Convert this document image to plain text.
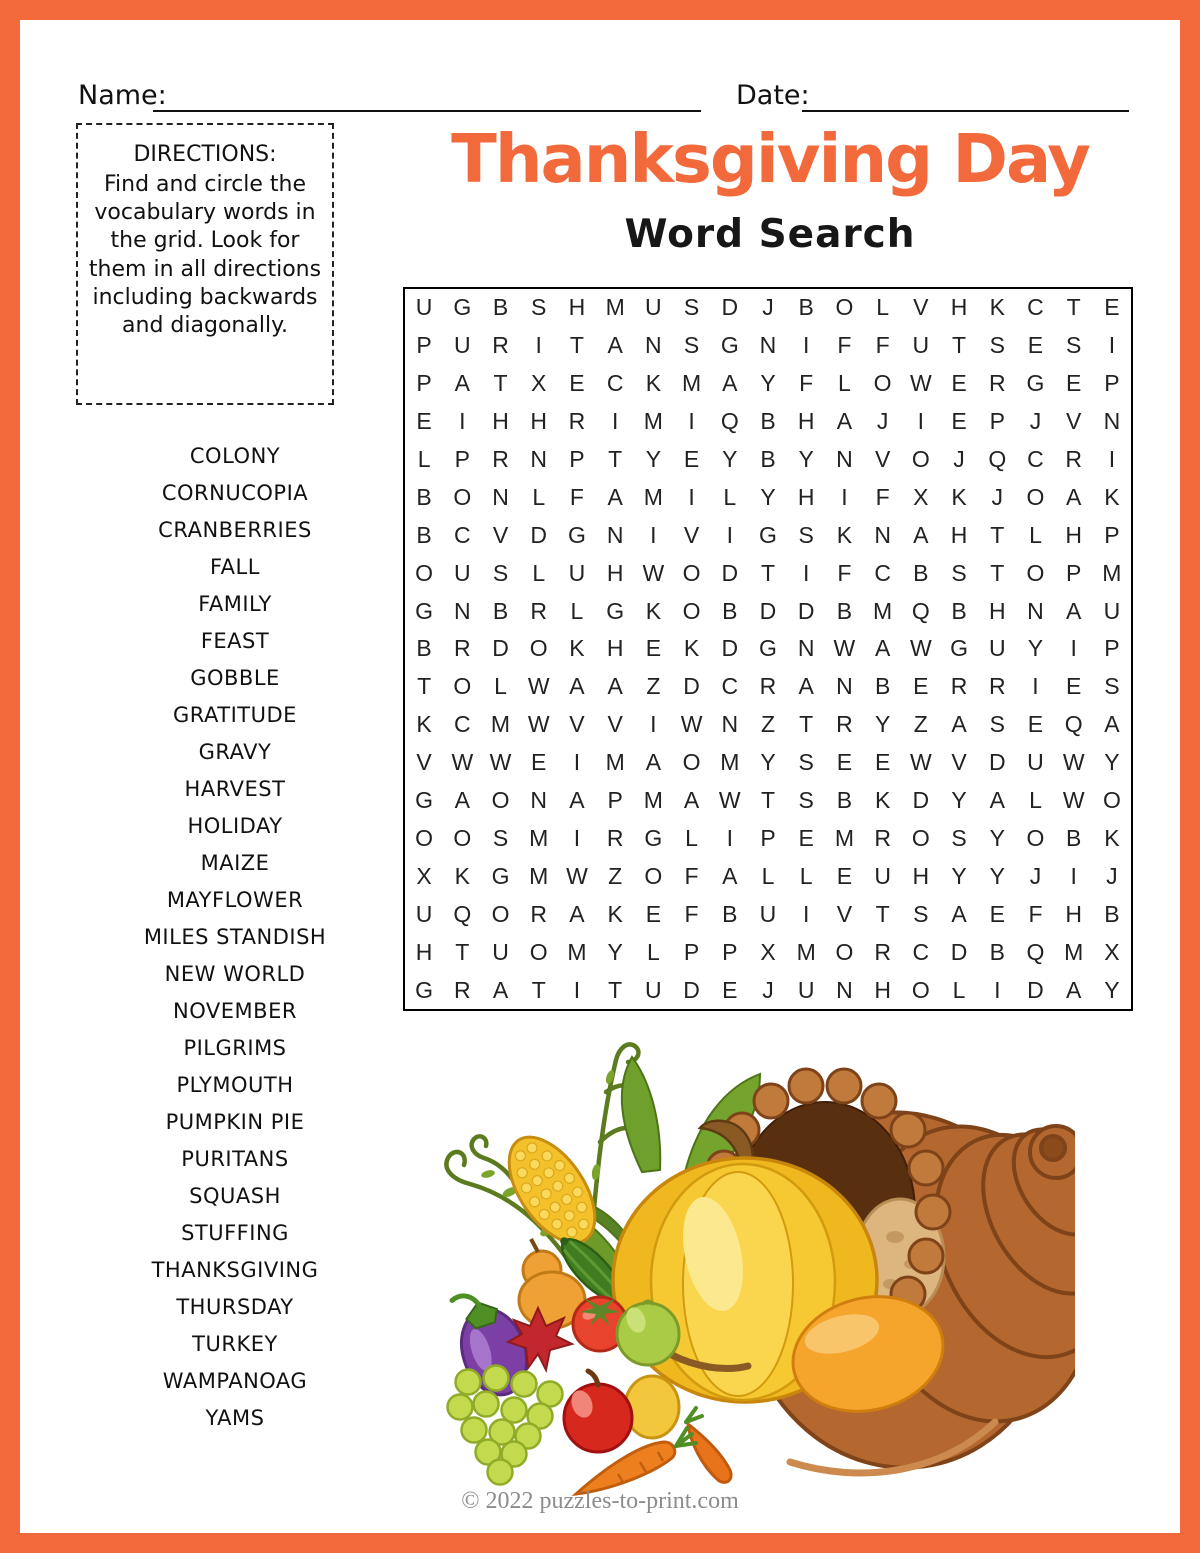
Name:	Date:
Thanksgiving Day
Word Search
DIRECTIONS:
Find and circle the vocabulary words in the grid. Look for them in all directions including backwards and diagonally.
COLONY
CORNUCOPIA
CRANBERRIES
FALL
FAMILY
FEAST
GOBBLE
GRATITUDE
GRAVY
HARVEST
HOLIDAY
MAIZE
MAYFLOWER
MILES STANDISH
NEW WORLD
NOVEMBER
PILGRIMS
PLYMOUTH
PUMPKIN PIE
PURITANS
SQUASH
STUFFING
THANKSGIVING
THURSDAY
TURKEY
WAMPANOAG
YAMS
U G B S H M U S D	J	B O L	V H K C T	E
P U R	I	T	A N S G N	I	F	F U T	S E S	I
P A	T	X E C K M A Y	F	L O W E R G E P
E	I	H H R	I	M	I	Q B H A	J	I	E P	J	V N
L	P R N P	T	Y E Y B Y N V O	J	Q C R	I
B O N	L	F	A M	I	L	Y H	I	F	X K	J	O A K
B C V D G N	I	V	I	G S K N A H T	L	H P
O U S	L	U H W O D T	I	F C B S	T O P M
G N B R	L G K O B D D B M Q B H N A U
B R D O K H E K D G N W A W G U Y	I	P
T O L W A A	Z D C R A N B E R R	I	E S
K C M W V V	I	W N Z	T R Y	Z	A S E Q A
V W W E	I	M A O M Y S E E W V D U W Y
G A O N A P M A W T	S B K D Y A	L W O
O O S M	I	R G L	I	P E M R O S Y O B K
X K G M W Z O F	A	L	L	E U H Y Y	J	I	J
U Q O R A K E	F	B U	I	V	T	S A E	F H B
H T U O M Y	L	P P X M O R C D B Q M X
G R A	T	I	T U D E	J	U N H O L	I	D A Y
© 2022 puzzles-to-print.com
